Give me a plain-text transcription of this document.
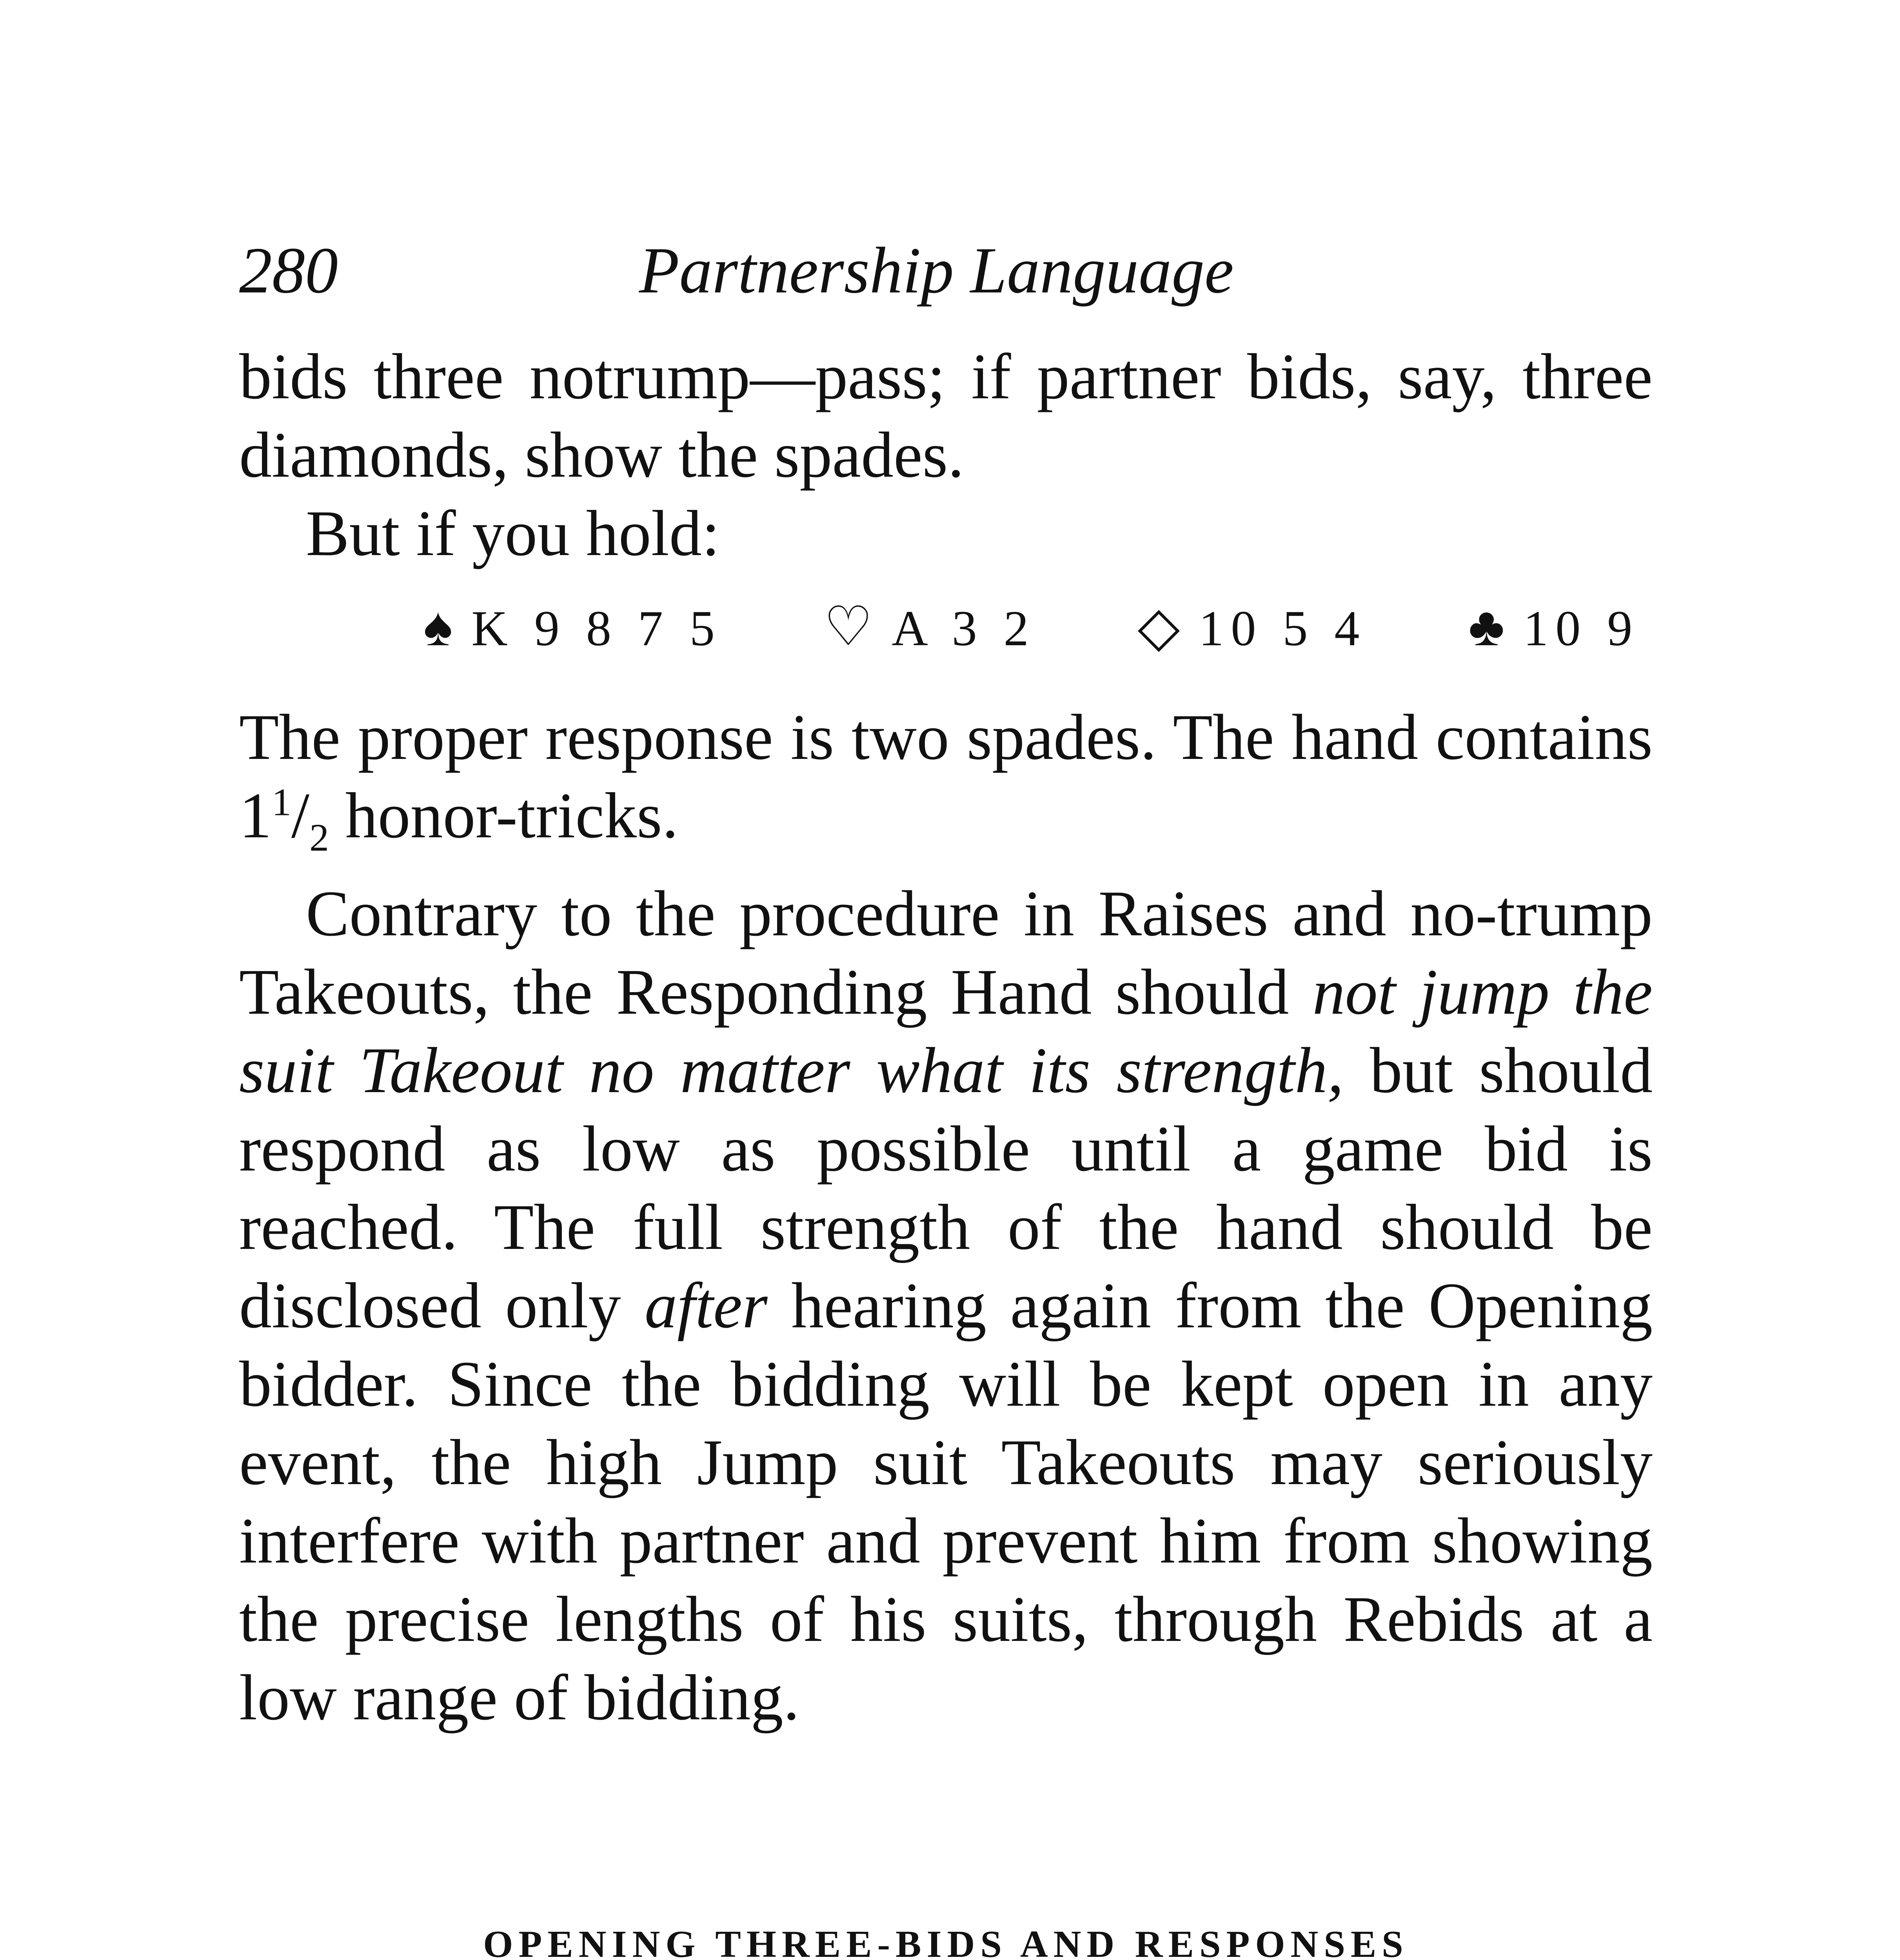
280	Partnership Language

bids three notrump—pass; if partner bids, say, three diamonds, show the spades.

But if you hold:

♠ K 9 8 7 5 ♡ A 3 2 ◇ 10 5 4 ♣ 10 9

The proper response is two spades. The hand contains $1^1/_2$ honor-tricks.

Contrary to the procedure in Raises and no-trump Takeouts, the Responding Hand should not jump the suit Takeout no matter what its strength, but should respond as low as possible until a game bid is reached. The full strength of the hand should be disclosed only after hearing again from the Opening bidder. Since the bidding will be kept open in any event, the high Jump suit Takeouts may seriously interfere with partner and prevent him from showing the precise lengths of his suits, through Rebids at a low range of bidding.

OPENING THREE-BIDS AND RESPONSES
